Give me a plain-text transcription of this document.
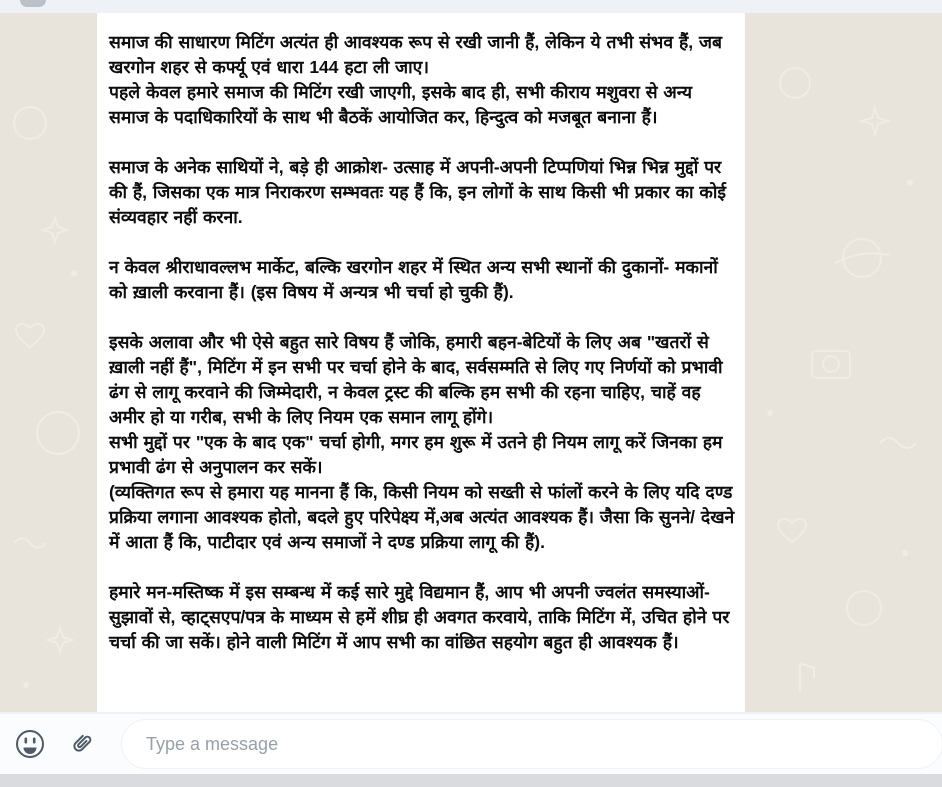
समाज की साधारण मिटिंग अत्यंत ही आवश्यक रूप से रखी जानी हैं, लेकिन ये तभी संभव हैं, जब खरगोन शहर से कर्फ्यू एवं धारा 144 हटा ली जाए।

पहले केवल हमारे समाज की मिटिंग रखी जाएगी, इसके बाद ही, सभी कीराय मशुवरा से अन्य समाज के पदाधिकारियों के साथ भी बैठकें आयोजित कर, हिन्दुत्व को मजबूत बनाना हैं।

समाज के अनेक साथियों ने, बड़े ही आक्रोश- उत्साह में अपनी-अपनी टिप्पणियां भिन्न भिन्न मुद्दों पर की हैं, जिसका एक मात्र निराकरण सम्भवतः यह हैं कि, इन लोगों के साथ किसी भी प्रकार का कोई संव्यवहार नहीं करना.

न केवल श्रीराधावल्लभ मार्केट, बल्कि खरगोन शहर में स्थित अन्य सभी स्थानों की दुकानों- मकानों को ख़ाली करवाना हैं। (इस विषय में अन्यत्र भी चर्चा हो चुकी हैं).

इसके अलावा और भी ऐसे बहुत सारे विषय हैं जोकि, हमारी बहन-बेटियों के लिए अब "खतरों से ख़ाली नहीं हैं", मिटिंग में इन सभी पर चर्चा होने के बाद, सर्वसम्मति से लिए गए निर्णयों को प्रभावी ढंग से लागू करवाने की जिम्मेदारी, न केवल ट्रस्ट की बल्कि हम सभी की रहना चाहिए, चाहें वह अमीर हो या गरीब, सभी के लिए नियम एक समान लागू होंगे।

सभी मुद्दों पर "एक के बाद एक" चर्चा होगी, मगर हम शुरू में उतने ही नियम लागू करें जिनका हम प्रभावी ढंग से अनुपालन कर सकें।

(व्यक्तिगत रूप से हमारा यह मानना हैं कि, किसी नियम को सख्ती से फांलों करने के लिए यदि दण्ड प्रक्रिया लगाना आवश्यक होतो, बदले हुए परिपेक्ष्य में,अब अत्यंत आवश्यक हैं। जैसा कि सुनने/ देखने में आता हैं कि, पाटीदार एवं अन्य समाजों ने दण्ड प्रक्रिया लागू की हैं).

हमारे मन-मस्तिष्क में इस सम्बन्ध में कई सारे मुद्दे विद्यमान हैं, आप भी अपनी ज्वलंत समस्याओं-सुझावों से, व्हाट्सएप/पत्र के माध्यम से हमें शीघ्र ही अवगत करवाये, ताकि मिटिंग में, उचित होने पर चर्चा की जा सकें। होने वाली मिटिंग में आप सभी का वांछित सहयोग बहुत ही आवश्यक हैं।

Type a message
